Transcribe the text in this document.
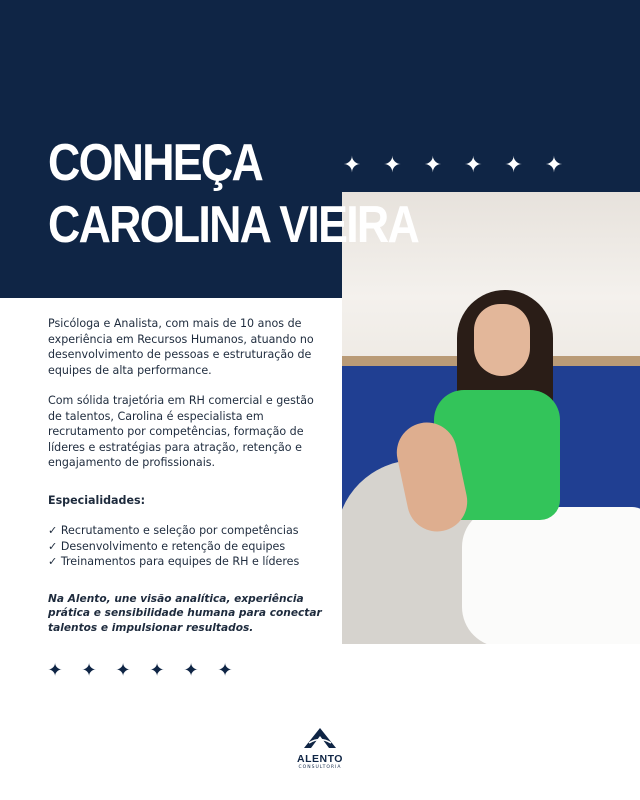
CONHEÇA
CAROLINA VIEIRA
✦ ✦ ✦ ✦ ✦ ✦

Psicóloga e Analista, com mais de 10 anos de experiência em Recursos Humanos, atuando no desenvolvimento de pessoas e estruturação de equipes de alta performance.

Com sólida trajetória em RH comercial e gestão de talentos, Carolina é especialista em recrutamento por competências, formação de líderes e estratégias para atração, retenção e engajamento de profissionais.

Especialidades:

✓ Recrutamento e seleção por competências
✓ Desenvolvimento e retenção de equipes
✓ Treinamentos para equipes de RH e líderes

Na Alento, une visão analítica, experiência prática e sensibilidade humana para conectar talentos e impulsionar resultados.

✦	✦	✦	✦	✦	✦
ALENTO
CONSULTORIA
